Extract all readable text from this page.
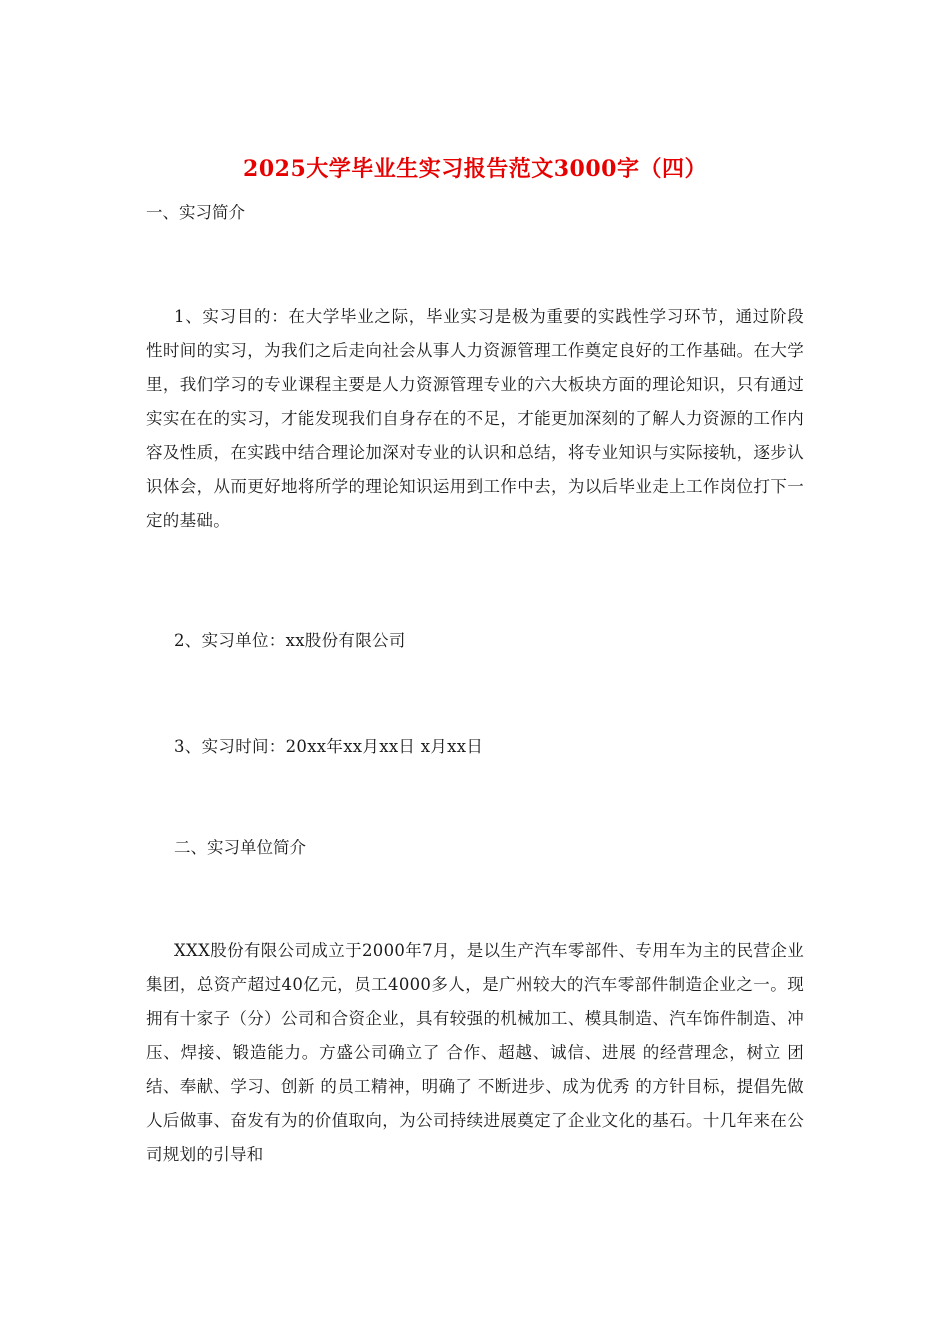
2025大学毕业生实习报告范文3000字（四）
一、实习简介
1、实习目的：在大学毕业之际，毕业实习是极为重要的实践性学习环节，通过阶段性时间的实习，为我们之后走向社会从事人力资源管理工作奠定良好的工作基础。在大学里，我们学习的专业课程主要是人力资源管理专业的六大板块方面的理论知识，只有通过实实在在的实习，才能发现我们自身存在的不足，才能更加深刻的了解人力资源的工作内容及性质，在实践中结合理论加深对专业的认识和总结，将专业知识与实际接轨，逐步认识体会，从而更好地将所学的理论知识运用到工作中去，为以后毕业走上工作岗位打下一定的基础。
2、实习单位：xx股份有限公司
3、实习时间：20xx年xx月xx日 x月xx日
二、实习单位简介
XXX股份有限公司成立于2000年7月，是以生产汽车零部件、专用车为主的民营企业集团，总资产超过40亿元，员工4000多人，是广州较大的汽车零部件制造企业之一。现拥有十家子（分）公司和合资企业，具有较强的机械加工、模具制造、汽车饰件制造、冲压、焊接、锻造能力。方盛公司确立了 合作、超越、诚信、进展 的经营理念，树立 团结、奉献、学习、创新 的员工精神，明确了 不断进步、成为优秀 的方针目标，提倡先做人后做事、奋发有为的价值取向，为公司持续进展奠定了企业文化的基石。十几年来在公司规划的引导和
